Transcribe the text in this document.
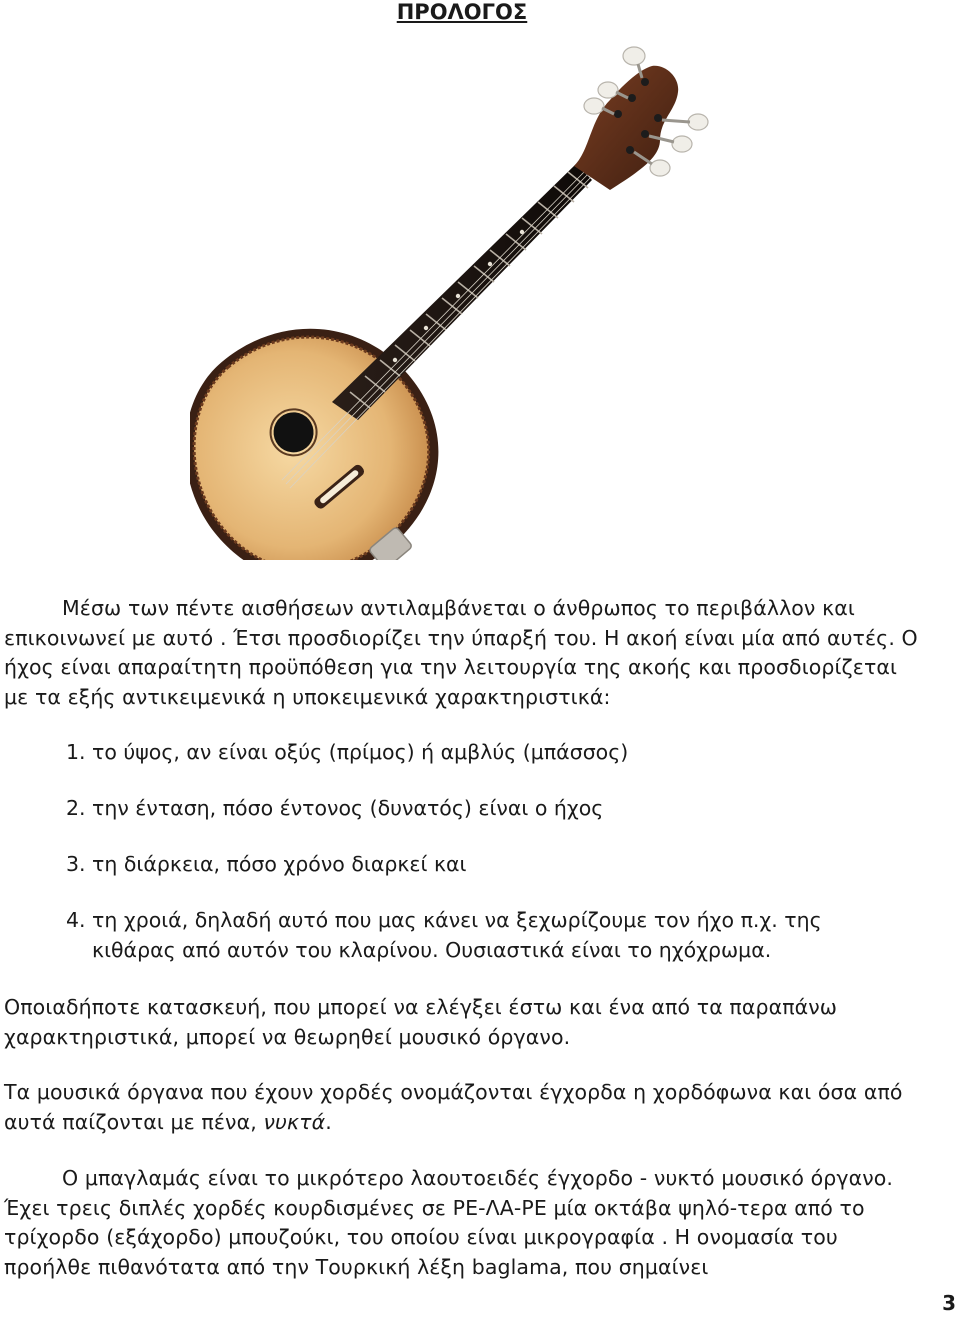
ΠΡΟΛΟΓΟΣ

Μέσω των πέντε αισθήσεων αντιλαμβάνεται ο άνθρωπος το περιβάλλον και επικοινωνεί με αυτό . Έτσι προσδιορίζει την ύπαρξή του. Η ακοή είναι μία από αυτές. Ο ήχος είναι απαραίτητη προϋπόθεση για την λειτουργία της ακοής και προσδιορίζεται με τα εξής αντικειμενικά η υποκειμενικά χαρακτηριστικά:

1. το ύψος, αν είναι οξύς (πρίμος) ή αμβλύς (μπάσσος)
2. την ένταση, πόσο έντονος (δυνατός) είναι ο ήχος
3. τη διάρκεια, πόσο χρόνο διαρκεί και
4. τη χροιά, δηλαδή αυτό που μας κάνει να ξεχωρίζουμε τον ήχο π.χ. της
κιθάρας από αυτόν του κλαρίνου. Ουσιαστικά είναι το ηχόχρωμα.

Οποιαδήποτε κατασκευή, που μπορεί να ελέγξει έστω και ένα από τα παραπάνω χαρακτηριστικά, μπορεί να θεωρηθεί μουσικό όργανο.

Τα μουσικά όργανα που έχουν χορδές ονομάζονται έγχορδα η χορδόφωνα και όσα από αυτά παίζονται με πένα, νυκτά.

Ο μπαγλαμάς είναι το μικρότερο λαουτοειδές έγχορδο - νυκτό μουσικό όργανο. Έχει τρεις διπλές χορδές κουρδισμένες σε ΡΕ-ΛΑ-ΡΕ μία οκτάβα ψηλό-τερα από το τρίχορδο (εξάχορδο) μπουζούκι, του οποίου είναι μικρογραφία . Η ονομασία του προήλθε πιθανότατα από την Τουρκική λέξη baglama, που σημαίνει

3
